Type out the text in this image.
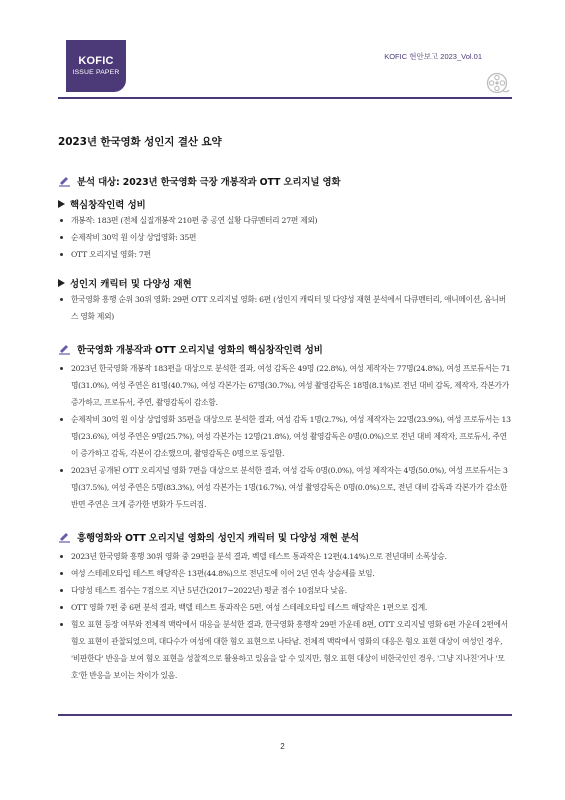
KOFIC
ISSUE PAPER
KOFIC 현안보고 2023_Vol.01
2023년 한국영화 성인지 결산 요약
분석 대상: 2023년 한국영화 극장 개봉작과 OTT 오리지널 영화
핵심창작인력 성비
개봉작: 183편 (전체 실질개봉작 210편 중 공연 실황 다큐멘터리 27편 제외)
순제작비 30억 원 이상 상업영화: 35편
OTT 오리지널 영화: 7편
성인지 캐릭터 및 다양성 재현
한국영화 흥행 순위 30위 영화: 29편 OTT 오리지널 영화: 6편 (성인지 캐릭터 및 다양성 재현 분석에서 다큐멘터리, 애니메이션, 옴니버스 영화 제외)
한국영화 개봉작과 OTT 오리지널 영화의 핵심창작인력 성비
2023년 한국영화 개봉작 183편을 대상으로 분석한 결과, 여성 감독은 49명 (22.8%), 여성 제작자는 77명(24.8%), 여성 프로듀서는 71명(31.0%), 여성 주연은 81명(40.7%), 여성 각본가는 67명(30.7%), 여성 촬영감독은 18명(8.1%)로 전년 대비 감독, 제작자, 각본가가 증가하고, 프로듀서, 주연, 촬영감독이 감소함.
순제작비 30억 원 이상 상업영화 35편을 대상으로 분석한 결과, 여성 감독 1명(2.7%), 여성 제작자는 22명(23.9%), 여성 프로듀서는 13명(23.6%), 여성 주연은 9명(25.7%), 여성 각본가는 12명(21.8%), 여성 촬영감독은 0명(0.0%)으로 전년 대비 제작자, 프로듀서, 주연이 증가하고 감독, 각본이 감소했으며, 촬영감독은 0명으로 동일함.
2023년 공개된 OTT 오리지널 영화 7편을 대상으로 분석한 결과, 여성 감독 0명(0.0%), 여성 제작자는 4명(50.0%), 여성 프로듀서는 3명(37.5%), 여성 주연은 5명(83.3%), 여성 각본가는 1명(16.7%), 여성 촬영감독은 0명(0.0%)으로, 전년 대비 감독과 각본가가 감소한 반면 주연은 크게 증가한 변화가 두드러짐.
흥행영화와 OTT 오리지널 영화의 성인지 캐릭터 및 다양성 재현 분석
2023년 한국영화 흥행 30위 영화 중 29편을 분석 결과, 벡델 테스트 통과작은 12편(4.14%)으로 전년대비 소폭상승.
여성 스테레오타입 테스트 해당작은 13편(44.8%)으로 전년도에 이어 2년 연속 상승세를 보임.
다양성 테스트 점수는 7점으로 지난 5년간(2017~2022년) 평균 점수 10점보다 낮음.
OTT 영화 7편 중 6편 분석 결과, 백델 테스트 통과작은 5편, 여성 스테레오타입 테스트 해당작은 1편으로 집계.
혐오 표현 등장 여부와 전체적 맥락에서 대응을 분석한 결과, 한국영화 흥행작 29편 가운데 8편, OTT 오리지널 영화 6편 가운데 2편에서 혐오 표현이 관찰되었으며, 대다수가 여성에 대한 혐오 표현으로 나타남. 전체적 맥락에서 영화의 대응은 혐오 표현 대상이 여성인 경우, '비판한다' 반응을 보여 혐오 표현을 성찰적으로 활용하고 있음을 알 수 있지만, 혐오 표현 대상이 비한국인인 경우, '그냥 지나친'거나 '모호'한 반응을 보이는 차이가 있음.
2
